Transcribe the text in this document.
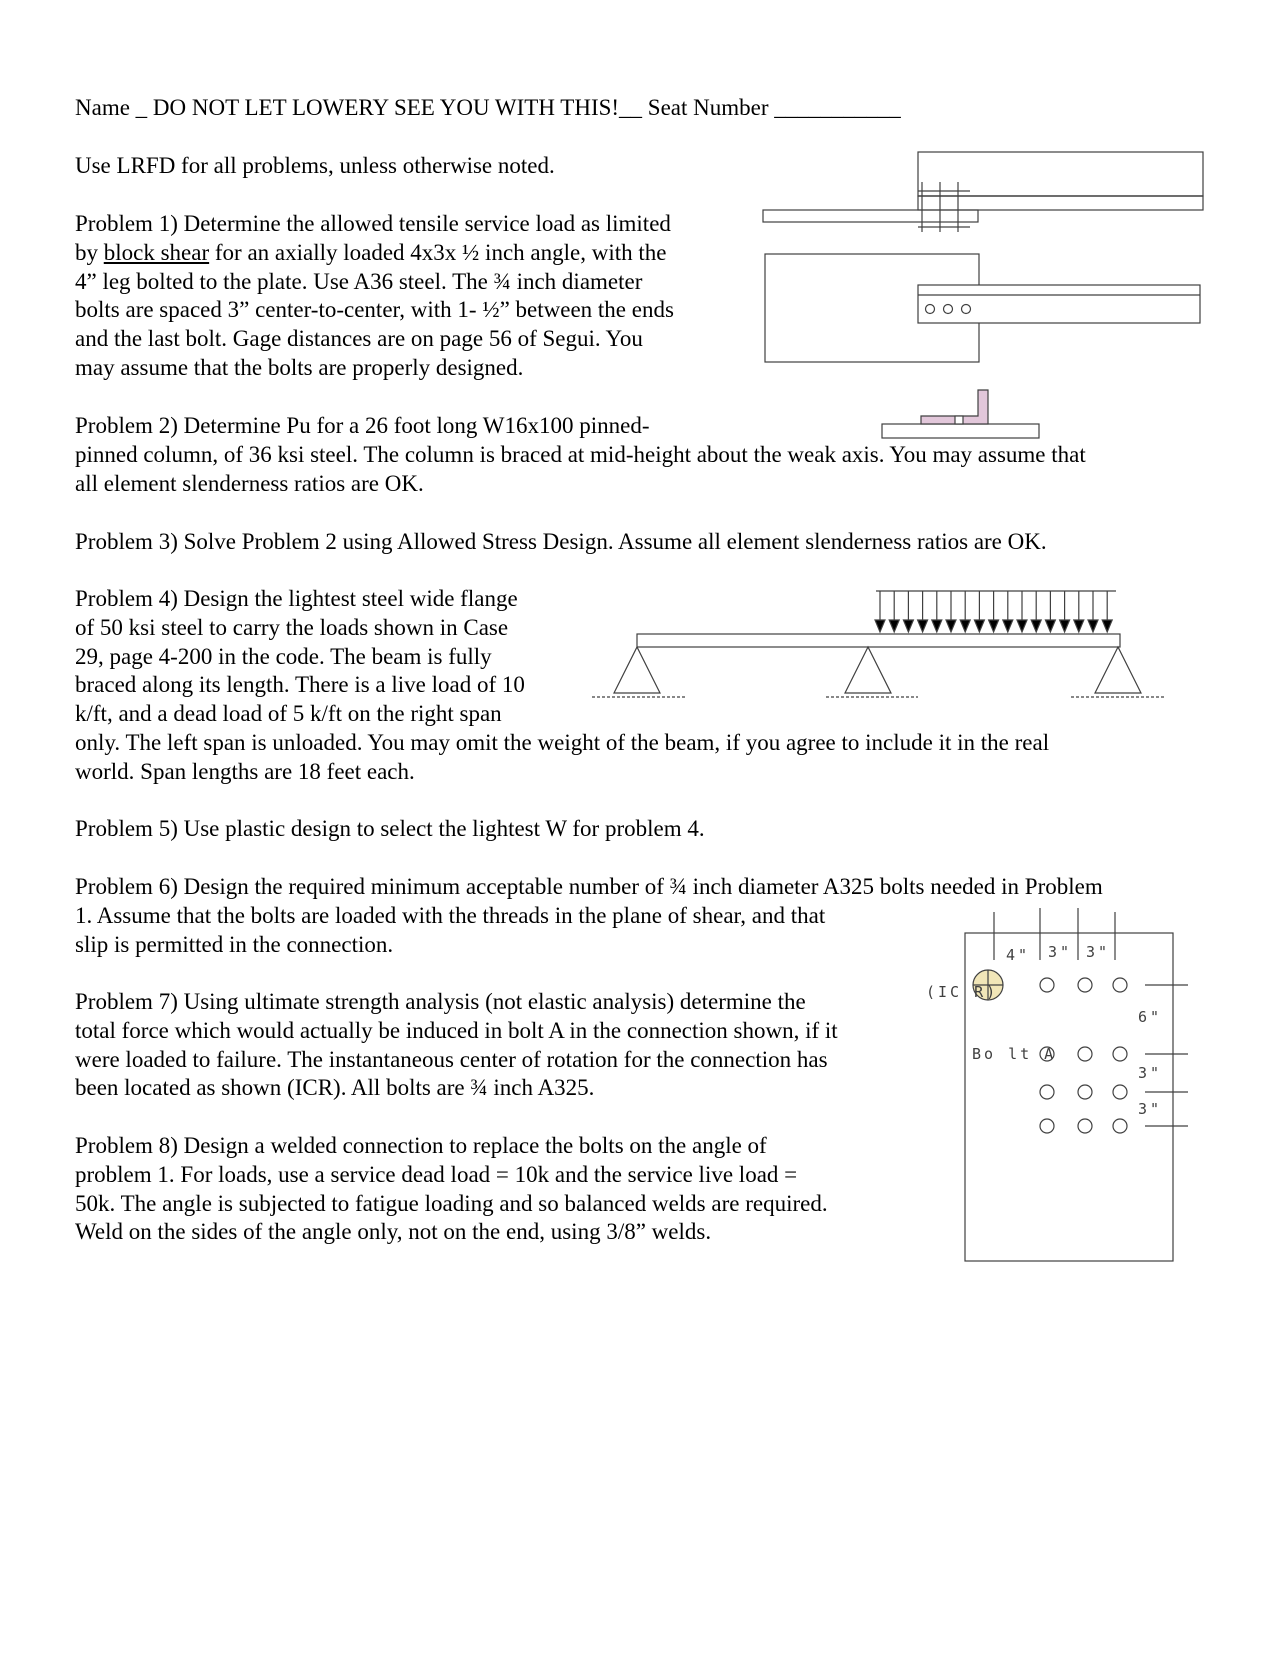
Name _ DO NOT LET LOWERY SEE YOU WITH THIS!__ Seat Number ___________
Use LRFD for all problems, unless otherwise noted.
Problem 1) Determine the allowed tensile service load as limited
by block shear for an axially loaded 4x3x ½ inch angle, with the
4” leg bolted to the plate. Use A36 steel. The ¾ inch diameter
bolts are spaced 3” center-to-center, with 1- ½” between the ends
and the last bolt. Gage distances are on page 56 of Segui. You
may assume that the bolts are properly designed.
Problem 2) Determine Pu for a 26 foot long W16x100 pinned-
pinned column, of 36 ksi steel. The column is braced at mid-height about the weak axis. You may assume that
all element slenderness ratios are OK.
Problem 3) Solve Problem 2 using Allowed Stress Design. Assume all element slenderness ratios are OK.
Problem 4) Design the lightest steel wide flange
of 50 ksi steel to carry the loads shown in Case
29, page 4-200 in the code. The beam is fully
braced along its length. There is a live load of 10
k/ft, and a dead load of 5 k/ft on the right span
only. The left span is unloaded. You may omit the weight of the beam, if you agree to include it in the real
world. Span lengths are 18 feet each.
Problem 5) Use plastic design to select the lightest W for problem 4.
Problem 6) Design the required minimum acceptable number of ¾ inch diameter A325 bolts needed in Problem
1. Assume that the bolts are loaded with the threads in the plane of shear, and that
slip is permitted in the connection.
Problem 7) Using ultimate strength analysis (not elastic analysis) determine the
total force which would actually be induced in bolt A in the connection shown, if it
were loaded to failure. The instantaneous center of rotation for the connection has
been located as shown (ICR). All bolts are ¾ inch A325.
Problem 8) Design a welded connection to replace the bolts on the angle of
problem 1. For loads, use a service dead load = 10k and the service live load =
50k. The angle is subjected to fatigue loading and so balanced welds are required.
Weld on the sides of the angle only, not on the end, using 3/8” welds.
(IC R)
Bo lt A
4" 3" 3"
6"
3"
3"
